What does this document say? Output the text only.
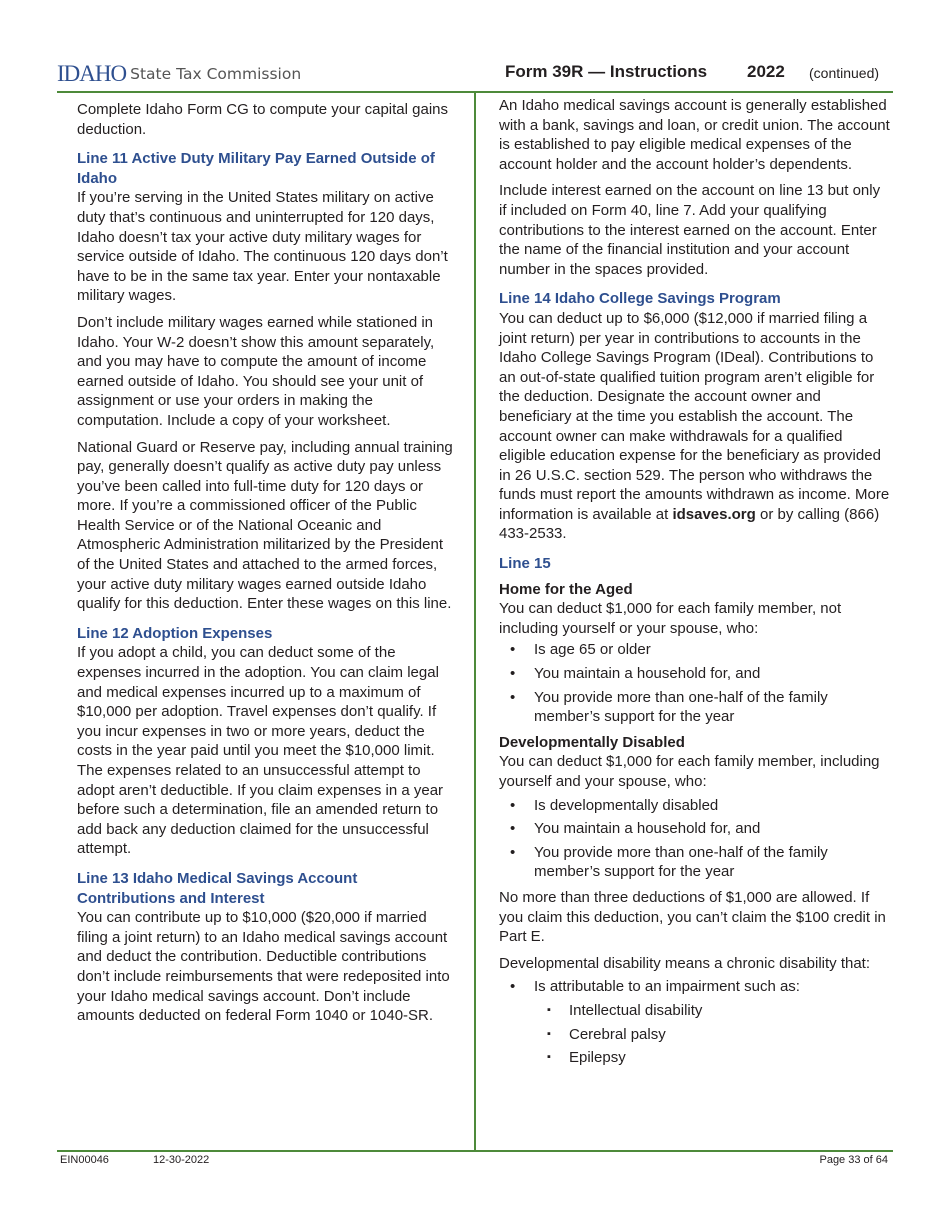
IDAHO State Tax Commission	Form 39R — Instructions 2022 (continued)

Complete Idaho Form CG to compute your capital gains deduction.

Line 11 Active Duty Military Pay Earned Outside of Idaho

If you’re serving in the United States military on active duty that’s continuous and uninterrupted for 120 days, Idaho doesn’t tax your active duty military wages for service outside of Idaho. The continuous 120 days don’t have to be in the same tax year. Enter your nontaxable military wages.

Don’t include military wages earned while stationed in Idaho. Your W-2 doesn’t show this amount separately, and you may have to compute the amount of income earned outside of Idaho. You should see your unit of assignment or use your orders in making the computation. Include a copy of your worksheet.

National Guard or Reserve pay, including annual training pay, generally doesn’t qualify as active duty pay unless you’ve been called into full-time duty for 120 days or more. If you’re a commissioned officer of the Public Health Service or of the National Oceanic and Atmospheric Administration militarized by the President of the United States and attached to the armed forces, your active duty military wages earned outside Idaho qualify for this deduction. Enter these wages on this line.

Line 12 Adoption Expenses

If you adopt a child, you can deduct some of the expenses incurred in the adoption. You can claim legal and medical expenses incurred up to a maximum of $10,000 per adoption. Travel expenses don’t qualify. If you incur expenses in two or more years, deduct the costs in the year paid until you meet the $10,000 limit. The expenses related to an unsuccessful attempt to adopt aren’t deductible. If you claim expenses in a year before such a determination, file an amended return to add back any deduction claimed for the unsuccessful attempt.

Line 13 Idaho Medical Savings Account Contributions and Interest

You can contribute up to $10,000 ($20,000 if married filing a joint return) to an Idaho medical savings account and deduct the contribution. Deductible contributions don’t include reimbursements that were redeposited into your Idaho medical savings account. Don’t include amounts deducted on federal Form 1040 or 1040-SR.

An Idaho medical savings account is generally established with a bank, savings and loan, or credit union. The account is established to pay eligible medical expenses of the account holder and the account holder’s dependents.

Include interest earned on the account on line 13 but only if included on Form 40, line 7. Add your qualifying contributions to the interest earned on the account. Enter the name of the financial institution and your account number in the spaces provided.

Line 14 Idaho College Savings Program

You can deduct up to $6,000 ($12,000 if married filing a joint return) per year in contributions to accounts in the Idaho College Savings Program (IDeal). Contributions to an out-of-state qualified tuition program aren’t eligible for the deduction. Designate the account owner and beneficiary at the time you establish the account. The account owner can make withdrawals for a qualified eligible education expense for the beneficiary as provided in 26 U.S.C. section 529. The person who withdraws the funds must report the amounts withdrawn as income. More information is available at idsaves.org or by calling (866) 433-2533.

Line 15
Home for the Aged

You can deduct $1,000 for each family member, not including yourself or your spouse, who:

• Is age 65 or older
• You maintain a household for, and
• You provide more than one-half of the family member’s support for the year
Developmentally Disabled

You can deduct $1,000 for each family member, including yourself and your spouse, who:

• Is developmentally disabled
• You maintain a household for, and
• You provide more than one-half of the family member’s support for the year

No more than three deductions of $1,000 are allowed. If you claim this deduction, you can’t claim the $100 credit in Part E.

Developmental disability means a chronic disability that:

• Is attributable to an impairment such as:
▪ Intellectual disability
▪ Cerebral palsy
▪ Epilepsy
EIN00046	12-30-2022	Page 33 of 64
